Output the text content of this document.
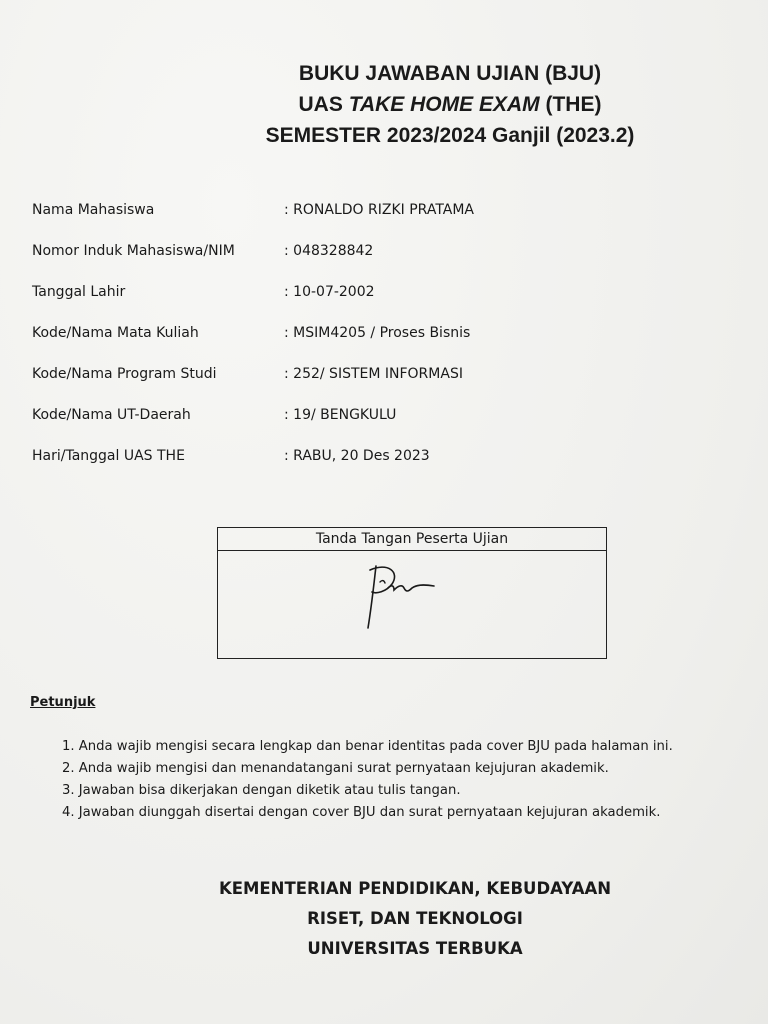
BUKU JAWABAN UJIAN (BJU)
UAS TAKE HOME EXAM (THE)
SEMESTER 2023/2024 Ganjil (2023.2)
Nama Mahasiswa	: RONALDO RIZKI PRATAMA
Nomor Induk Mahasiswa/NIM	: 048328842
Tanggal Lahir	: 10-07-2002
Kode/Nama Mata Kuliah	: MSIM4205 / Proses Bisnis
Kode/Nama Program Studi	: 252/ SISTEM INFORMASI
Kode/Nama UT-Daerah	: 19/ BENGKULU
Hari/Tanggal UAS THE	: RABU, 20 Des 2023
Tanda Tangan Peserta Ujian
Petunjuk
1. Anda wajib mengisi secara lengkap dan benar identitas pada cover BJU pada halaman ini.
2. Anda wajib mengisi dan menandatangani surat pernyataan kejujuran akademik.
3. Jawaban bisa dikerjakan dengan diketik atau tulis tangan.
4. Jawaban diunggah disertai dengan cover BJU dan surat pernyataan kejujuran akademik.
KEMENTERIAN PENDIDIKAN, KEBUDAYAAN
RISET, DAN TEKNOLOGI
UNIVERSITAS TERBUKA
